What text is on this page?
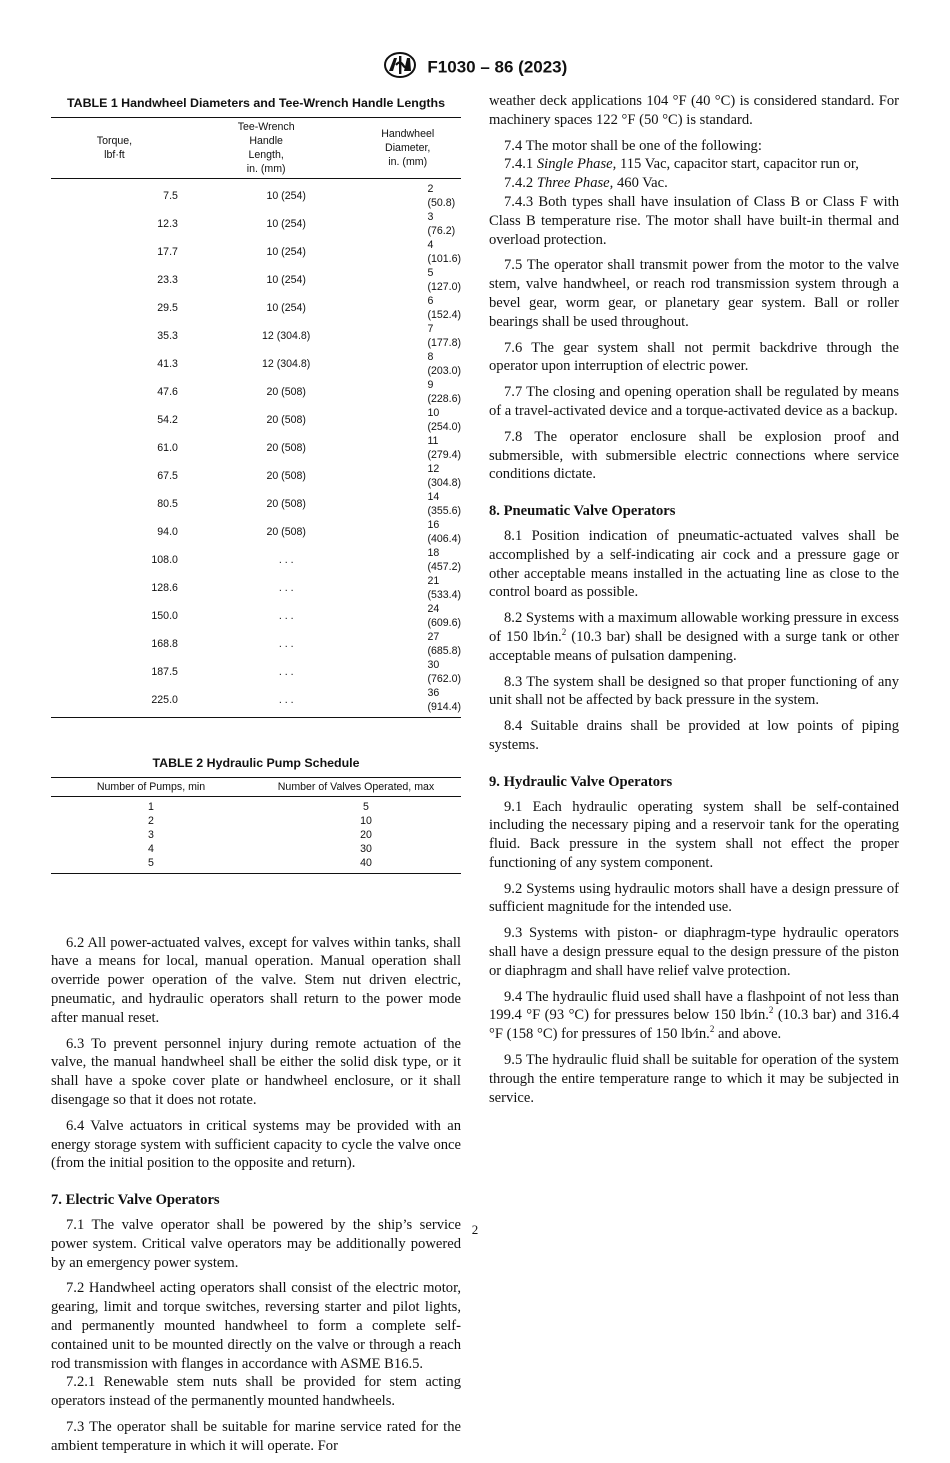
F1030 – 86 (2023)
TABLE 1 Handwheel Diameters and Tee-Wrench Handle Lengths
Torque,
lbf·ft	Tee-Wrench
Handle
Length,
in. (mm)	Handwheel
Diameter,
in. (mm)
7.5	10 (254)	2 (50.8)
12.3	10 (254)	3 (76.2)
17.7	10 (254)	4 (101.6)
23.3	10 (254)	5 (127.0)
29.5	10 (254)	6 (152.4)
35.3	12 (304.8)	7 (177.8)
41.3	12 (304.8)	8 (203.0)
47.6	20 (508)	9 (228.6)
54.2	20 (508)	10 (254.0)
61.0	20 (508)	11 (279.4)
67.5	20 (508)	12 (304.8)
80.5	20 (508)	14 (355.6)
94.0	20 (508)	16 (406.4)
108.0	. . .	18 (457.2)
128.6	. . .	21 (533.4)
150.0	. . .	24 (609.6)
168.8	. . .	27 (685.8)
187.5	. . .	30 (762.0)
225.0	. . .	36 (914.4)
TABLE 2 Hydraulic Pump Schedule
Number of Pumps, min	Number of Valves Operated, max
1	5
2	10
3	20
4	30
5	40

6.2 All power-actuated valves, except for valves within tanks, shall have a means for local, manual operation. Manual operation shall override power operation of the valve. Stem nut driven electric, pneumatic, and hydraulic operators shall return to the power mode after manual reset.

6.3 To prevent personnel injury during remote actuation of the valve, the manual handwheel shall be either the solid disk type, or it shall have a spoke cover plate or handwheel enclosure, or it shall disengage so that it does not rotate.

6.4 Valve actuators in critical systems may be provided with an energy storage system with sufficient capacity to cycle the valve once (from the initial position to the opposite and return).

7. Electric Valve Operators

7.1 The valve operator shall be powered by the ship’s service power system. Critical valve operators may be additionally powered by an emergency power system.

7.2 Handwheel acting operators shall consist of the electric motor, gearing, limit and torque switches, reversing starter and pilot lights, and permanently mounted handwheel to form a complete self-contained unit to be mounted directly on the valve or through a reach rod transmission with flanges in accordance with ASME B16.5.

7.2.1 Renewable stem nuts shall be provided for stem acting operators instead of the permanently mounted handwheels.

7.3 The operator shall be suitable for marine service rated for the ambient temperature in which it will operate. For

weather deck applications 104 °F (40 °C) is considered standard. For machinery spaces 122 °F (50 °C) is standard.

7.4 The motor shall be one of the following:

7.4.1 Single Phase, 115 Vac, capacitor start, capacitor run or,

7.4.2 Three Phase, 460 Vac.

7.4.3 Both types shall have insulation of Class B or Class F with Class B temperature rise. The motor shall have built-in thermal and overload protection.

7.5 The operator shall transmit power from the motor to the valve stem, valve handwheel, or reach rod transmission system through a bevel gear, worm gear, or planetary gear system. Ball or roller bearings shall be used throughout.

7.6 The gear system shall not permit backdrive through the operator upon interruption of electric power.

7.7 The closing and opening operation shall be regulated by means of a travel-activated device and a torque-activated device as a backup.

7.8 The operator enclosure shall be explosion proof and submersible, with submersible electric connections where service conditions dictate.

8. Pneumatic Valve Operators

8.1 Position indication of pneumatic-actuated valves shall be accomplished by a self-indicating air cock and a pressure gage or other acceptable means installed in the actuating line as close to the control board as possible.

8.2 Systems with a maximum allowable working pressure in excess of 150 lb⁄in.$^2$ (10.3 bar) shall be designed with a surge tank or other acceptable means of pulsation dampening.

8.3 The system shall be designed so that proper functioning of any unit shall not be affected by back pressure in the system.

8.4 Suitable drains shall be provided at low points of piping systems.

9. Hydraulic Valve Operators

9.1 Each hydraulic operating system shall be self-contained including the necessary piping and a reservoir tank for the operating fluid. Back pressure in the system shall not effect the proper functioning of any system component.

9.2 Systems using hydraulic motors shall have a design pressure of sufficient magnitude for the intended use.

9.3 Systems with piston- or diaphragm-type hydraulic operators shall have a design pressure equal to the design pressure of the piston or diaphragm and shall have relief valve protection.

9.4 The hydraulic fluid used shall have a flashpoint of not less than 199.4 °F (93 °C) for pressures below 150 lb⁄in.$^2$ (10.3 bar) and 316.4 °F (158 °C) for pressures of 150 lb⁄in.$^2$ and above.

9.5 The hydraulic fluid shall be suitable for operation of the system through the entire temperature range to which it may be subjected in service.

2
